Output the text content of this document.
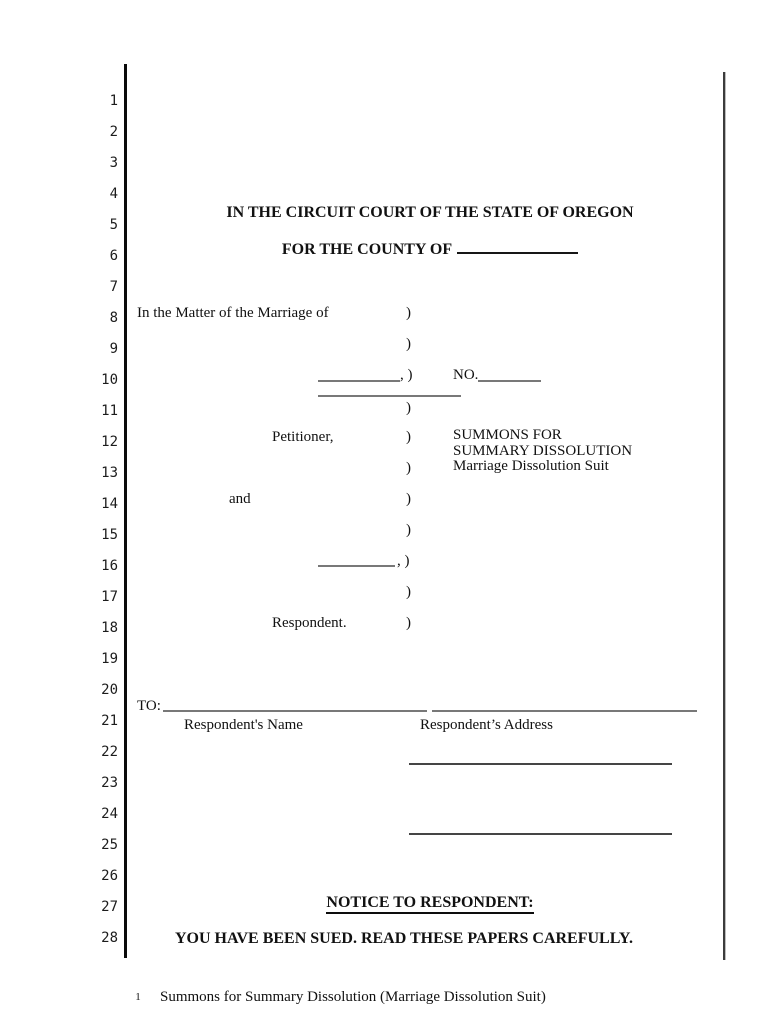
1
2
3
4
5
6
7
8
9
10
11
12
13
14
15
16
17
18
19
20
21
22
23
24
25
26
27
28
IN THE CIRCUIT COURT OF THE STATE OF OREGON
FOR THE COUNTY OF
In the Matter of the Marriage of	)
)
, )	NO.
)
Petitioner,	)	SUMMONS FOR
SUMMARY DISSOLUTION
Marriage Dissolution Suit
)
and	)
)
, )
)
Respondent.	)
TO:
Respondent's Name	Respondent’s Address
NOTICE TO RESPONDENT:
YOU HAVE BEEN SUED. READ THESE PAPERS CAREFULLY.
1 Summons for Summary Dissolution (Marriage Dissolution Suit)
